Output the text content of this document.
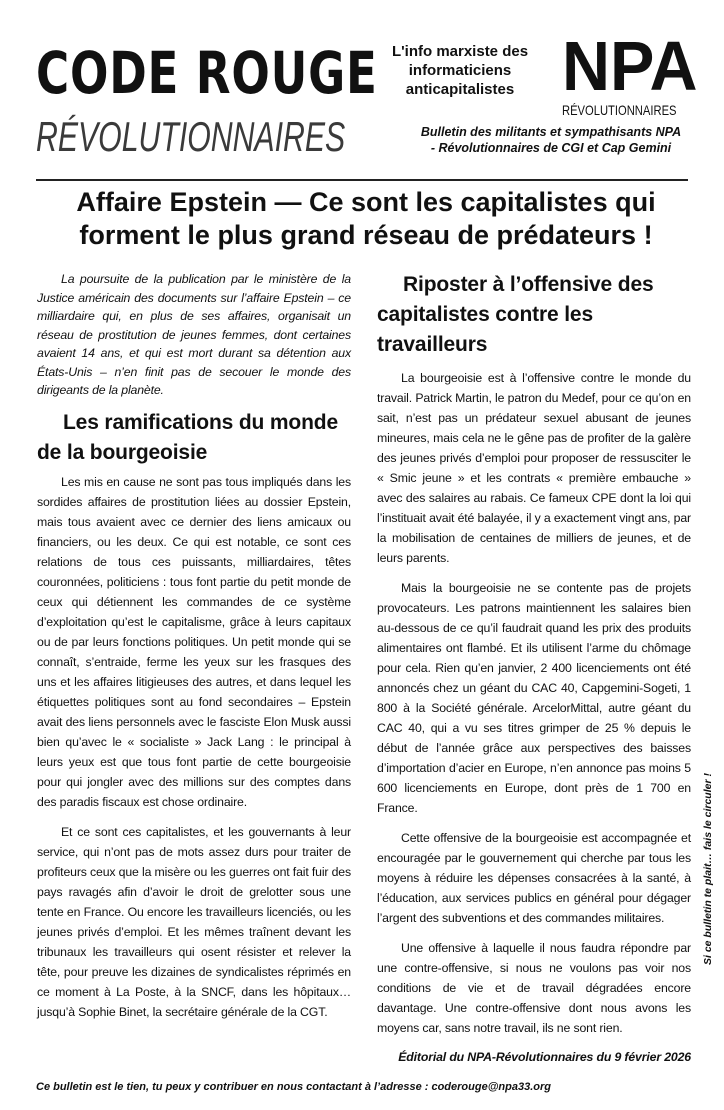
CODE ROUGE
RÉVOLUTIONNAIRES
L'info marxiste des informaticiens anticapitalistes NPA
RÉVOLUTIONNAIRES
Bulletin des militants et sympathisants NPA - Révolutionnaires de CGI et Cap Gemini
Affaire Epstein — Ce sont les capitalistes qui forment le plus grand réseau de prédateurs !

La poursuite de la publication par le ministère de la Justice américain des documents sur l’affaire Epstein – ce milliardaire qui, en plus de ses affaires, organisait un réseau de prostitution de jeunes femmes, dont certaines avaient 14 ans, et qui est mort durant sa détention aux États-Unis – n’en finit pas de secouer le monde des dirigeants de la planète.

Les ramifications du monde de la bourgeoisie

Les mis en cause ne sont pas tous impliqués dans les sordides affaires de prostitution liées au dossier Epstein, mais tous avaient avec ce dernier des liens amicaux ou financiers, ou les deux. Ce qui est notable, ce sont ces relations de tous ces puissants, milliardaires, têtes couronnées, politiciens : tous font partie du petit monde de ceux qui détiennent les commandes de ce système d’exploitation qu’est le capitalisme, grâce à leurs capitaux ou de par leurs fonctions politiques. Un petit monde qui se connaît, s’entraide, ferme les yeux sur les frasques des uns et les affaires litigieuses des autres, et dans lequel les étiquettes politiques sont au fond secondaires – Epstein avait des liens personnels avec le fasciste Elon Musk aussi bien qu’avec le « socialiste » Jack Lang : le principal à leurs yeux est que tous font partie de cette bourgeoisie pour qui jongler avec des millions sur des comptes dans des paradis fiscaux est chose ordinaire.

Et ce sont ces capitalistes, et les gouvernants à leur service, qui n’ont pas de mots assez durs pour traiter de profiteurs ceux que la misère ou les guerres ont fait fuir des pays ravagés afin d’avoir le droit de grelotter sous une tente en France. Ou encore les travailleurs licenciés, ou les jeunes privés d’emploi. Et les mêmes traînent devant les tribunaux les travailleurs qui osent résister et relever la tête, pour preuve les dizaines de syndicalistes réprimés en ce moment à La Poste, à la SNCF, dans les hôpitaux… jusqu’à Sophie Binet, la secrétaire générale de la CGT.

Riposter à l’offensive des capitalistes contre les
travailleurs

La bourgeoisie est à l’offensive contre le monde du travail. Patrick Martin, le patron du Medef, pour ce qu’on en sait, n’est pas un prédateur sexuel abusant de jeunes mineures, mais cela ne le gêne pas de profiter de la galère des jeunes privés d’emploi pour proposer de ressusciter le « Smic jeune » et les contrats « première embauche » avec des salaires au rabais. Ce fameux CPE dont la loi qui l’instituait avait été balayée, il y a exactement vingt ans, par la mobilisation de centaines de milliers de jeunes, et de leurs parents.

Mais la bourgeoisie ne se contente pas de projets provocateurs. Les patrons maintiennent les salaires bien au-dessous de ce qu’il faudrait quand les prix des produits alimentaires ont flambé. Et ils utilisent l’arme du chômage pour cela. Rien qu’en janvier, 2 400 licenciements ont été annoncés chez un géant du CAC 40, Capgemini-Sogeti, 1 800 à la Société générale. ArcelorMittal, autre géant du CAC 40, qui a vu ses titres grimper de 25 % depuis le début de l’année grâce aux perspectives des baisses d’importation d’acier en Europe, n’en annonce pas moins 5 600 licenciements en Europe, dont près de 1 700 en France.

Cette offensive de la bourgeoisie est accompagnée et encouragée par le gouvernement qui cherche par tous les moyens à réduire les dépenses consacrées à la santé, à l’éducation, aux services publics en général pour dégager l’argent des subventions et des commandes militaires.

Une offensive à laquelle il nous faudra répondre par une contre-offensive, si nous ne voulons pas voir nos conditions de vie et de travail dégradées encore davantage. Une contre-offensive dont nous avons les moyens car, sans notre travail, ils ne sont rien.

Éditorial du NPA-Révolutionnaires du 9 février 2026
Ce bulletin est le tien, tu peux y contribuer en nous contactant à l’adresse : coderouge@npa33.org
Si ce bulletin te plait… fais le circuler !
